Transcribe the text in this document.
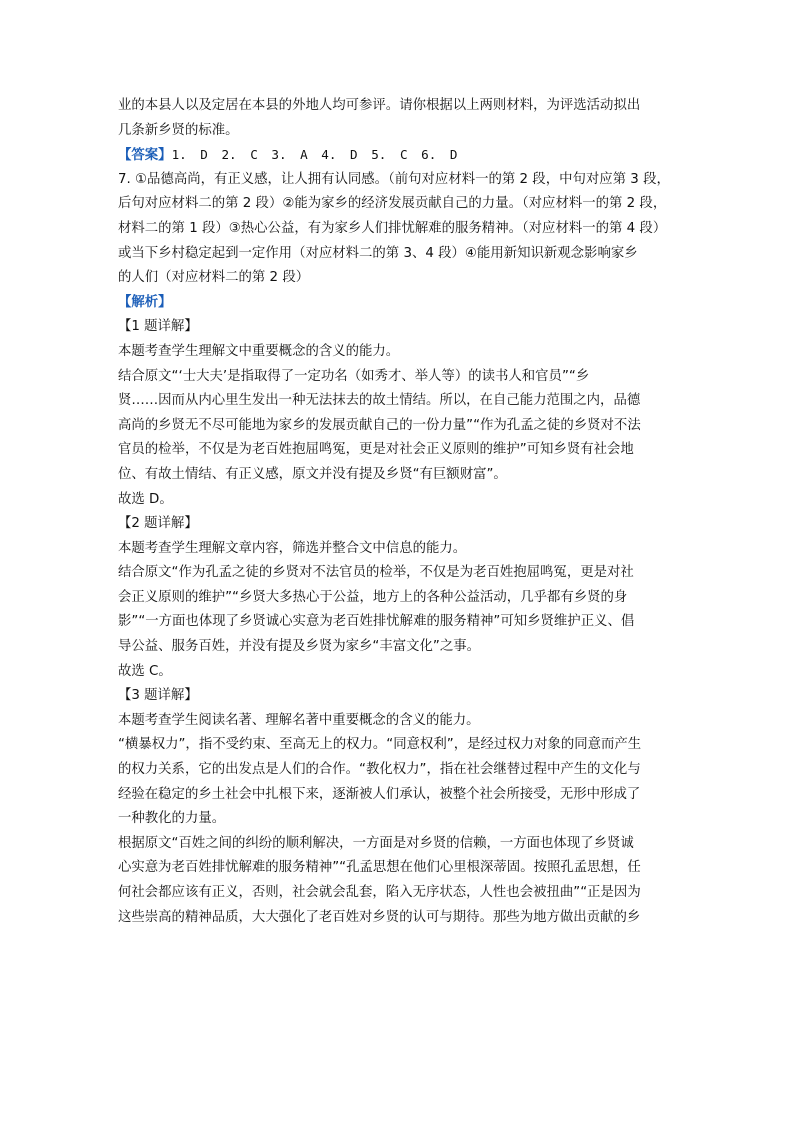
业的本县人以及定居在本县的外地人均可参评。请你根据以上两则材料，为评选活动拟出
几条新乡贤的标准。
【答案】1. D 2. C 3. A 4. D 5. C 6. D
7. ①品德高尚，有正义感，让人拥有认同感。（前句对应材料一的第 2 段，中句对应第 3 段，
后句对应材料二的第 2 段）②能为家乡的经济发展贡献自己的力量。（对应材料一的第 2 段，
材料二的第 1 段）③热心公益，有为家乡人们排忧解难的服务精神。（对应材料一的第 4 段）
或当下乡村稳定起到一定作用（对应材料二的第 3、4 段）④能用新知识新观念影响家乡
的人们（对应材料二的第 2 段）
【解析】
【1 题详解】
本题考查学生理解文中重要概念的含义的能力。
结合原文“‘士大夫’是指取得了一定功名（如秀才、举人等）的读书人和官员”“乡
贤……因而从内心里生发出一种无法抹去的故土情结。所以，在自己能力范围之内，品德
高尚的乡贤无不尽可能地为家乡的发展贡献自己的一份力量”“作为孔孟之徒的乡贤对不法
官员的检举，不仅是为老百姓抱屈鸣冤，更是对社会正义原则的维护”可知乡贤有社会地
位、有故土情结、有正义感，原文并没有提及乡贤“有巨额财富”。
故选 D。
【2 题详解】
本题考查学生理解文章内容，筛选并整合文中信息的能力。
结合原文“作为孔孟之徒的乡贤对不法官员的检举，不仅是为老百姓抱屈鸣冤，更是对社
会正义原则的维护”“乡贤大多热心于公益，地方上的各种公益活动，几乎都有乡贤的身
影”“一方面也体现了乡贤诚心实意为老百姓排忧解难的服务精神”可知乡贤维护正义、倡
导公益、服务百姓，并没有提及乡贤为家乡“丰富文化”之事。
故选 C。
【3 题详解】
本题考查学生阅读名著、理解名著中重要概念的含义的能力。
“横暴权力”，指不受约束、至高无上的权力。“同意权利”，是经过权力对象的同意而产生
的权力关系，它的出发点是人们的合作。“教化权力”，指在社会继替过程中产生的文化与
经验在稳定的乡土社会中扎根下来，逐渐被人们承认，被整个社会所接受，无形中形成了
一种教化的力量。
根据原文“百姓之间的纠纷的顺利解决，一方面是对乡贤的信赖，一方面也体现了乡贤诚
心实意为老百姓排忧解难的服务精神”“孔孟思想在他们心里根深蒂固。按照孔孟思想，任
何社会都应该有正义，否则，社会就会乱套，陷入无序状态，人性也会被扭曲”“正是因为
这些崇高的精神品质，大大强化了老百姓对乡贤的认可与期待。那些为地方做出贡献的乡
